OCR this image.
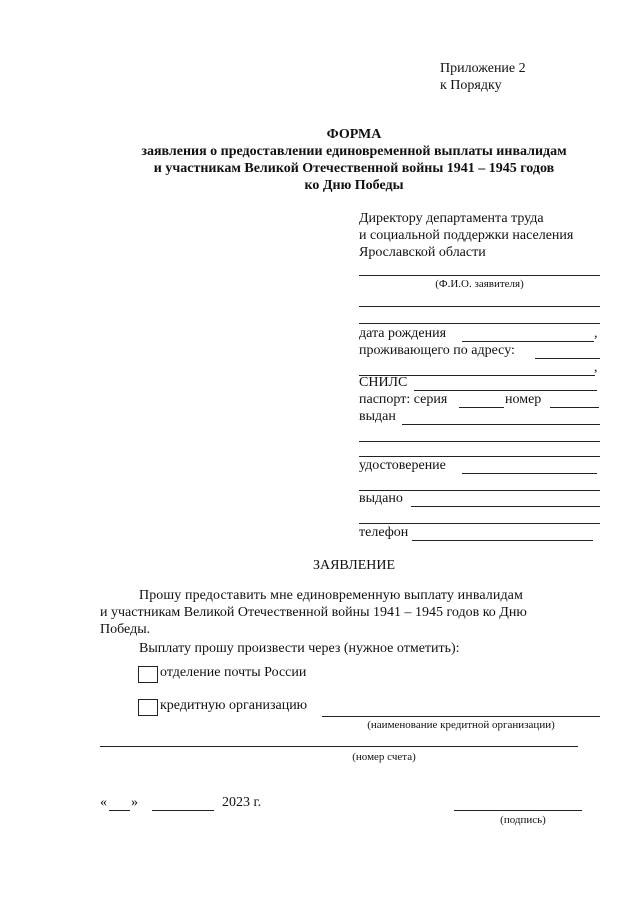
Приложение 2
к Порядку
ФОРМА
заявления о предоставлении единовременной выплаты инвалидам
и участникам Великой Отечественной войны 1941 – 1945 годов
ко Дню Победы
Директору департамента труда
и социальной поддержки населения
Ярославской области
(Ф.И.О. заявителя)
дата рождения	,
проживающего по адресу:
,
СНИЛС
паспорт: серия	номер
выдан
удостоверение
выдано
телефон
ЗАЯВЛЕНИЕ
Прошу предоставить мне единовременную выплату инвалидам
и участникам Великой Отечественной войны 1941 – 1945 годов ко Дню
Победы.
Выплату прошу произвести через (нужное отметить):
отделение почты России
кредитную организацию
(наименование кредитной организации)
(номер счета)
« »	2023 г.
(подпись)
